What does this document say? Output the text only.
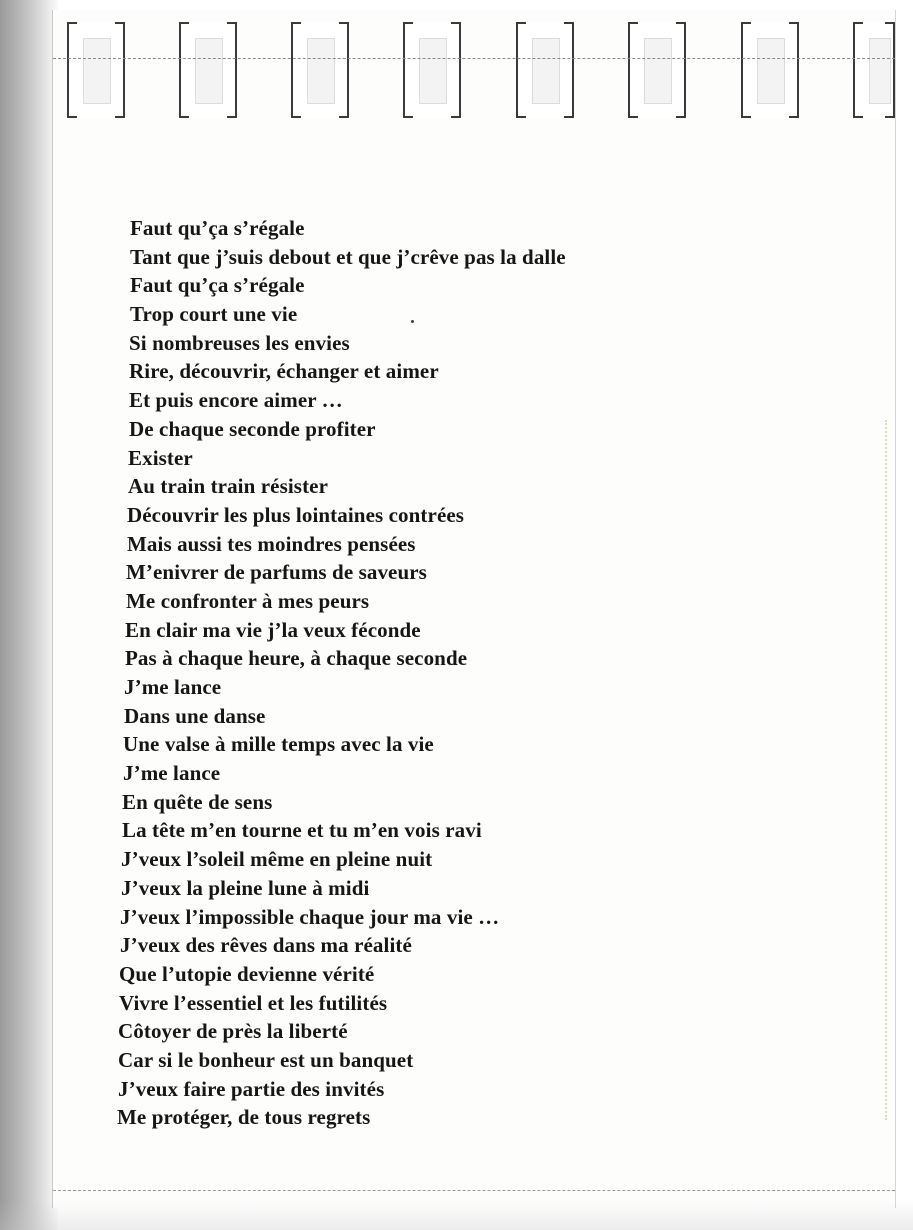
Faut qu’ça s’régale
Tant que j’suis debout et que j’crêve pas la dalle
Faut qu’ça s’régale
Trop court une vie
Si nombreuses les envies
Rire, découvrir, échanger et aimer
Et puis encore aimer …
De chaque seconde profiter
Exister
Au train train résister
Découvrir les plus lointaines contrées
Mais aussi tes moindres pensées
M’enivrer de parfums de saveurs
Me confronter à mes peurs
En clair ma vie j’la veux féconde
Pas à chaque heure, à chaque seconde
J’me lance
Dans une danse
Une valse à mille temps avec la vie
J’me lance
En quête de sens
La tête m’en tourne et tu m’en vois ravi
J’veux l’soleil même en pleine nuit
J’veux la pleine lune à midi
J’veux l’impossible chaque jour ma vie …
J’veux des rêves dans ma réalité
Que l’utopie devienne vérité
Vivre l’essentiel et les futilités
Côtoyer de près la liberté
Car si le bonheur est un banquet
J’veux faire partie des invités
Me protéger, de tous regrets
